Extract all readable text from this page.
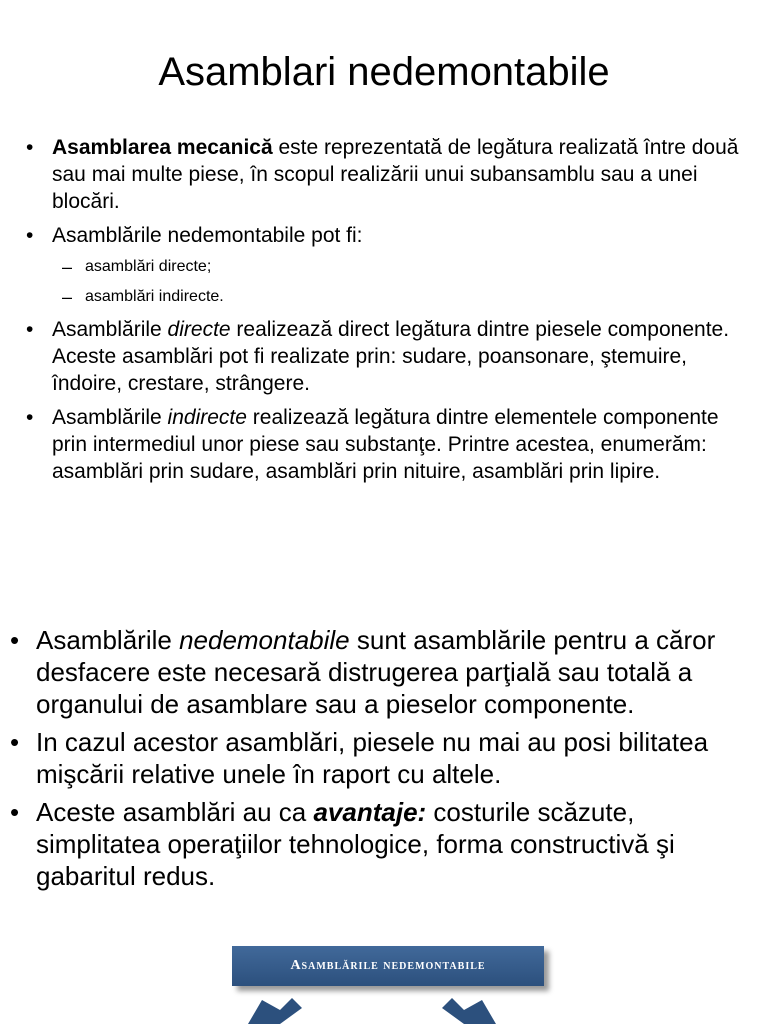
Asamblari nedemontabile
• Asamblarea mecanică este reprezentată de legătura realizată între două sau mai multe piese, în scopul realizării unui subansamblu sau a unei blocări.
• Asamblările nedemontabile pot fi:
– asamblări directe;
– asamblări indirecte.
• Asamblările directe realizează direct legătura dintre piesele componente. Aceste asamblări pot fi realizate prin: sudare, poansonare, ştemuire, îndoire, crestare, strângere.
• Asamblările indirecte realizează legătura dintre elementele componente prin intermediul unor piese sau substanţe. Printre acestea, enumerăm: asamblări prin sudare, asamblări prin nituire, asamblări prin lipire.
• Asamblările nedemontabile sunt asamblările pentru a căror desfacere este necesară distrugerea parţială sau totală a organului de asamblare sau a pieselor componente.
• In cazul acestor asamblări, piesele nu mai au posi bilitatea mişcării relative unele în raport cu altele.
• Aceste asamblări au ca avantaje: costurile scăzute, simplitatea operaţiilor tehnologice, forma constructivă şi gabaritul redus.
Asamblările nedemontabile
